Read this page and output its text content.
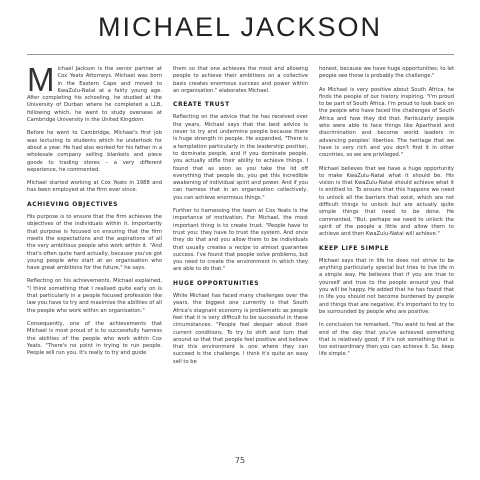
MICHAEL JACKSON

Michael Jackson is the senior partner at Cox Yeats Attorneys. Michael was born in the Eastern Cape and moved to KwaZulu-Natal at a fairly young age. After completing his schooling, he studied at the University of Durban where he completed a LLB, following which, he went to study overseas at Cambridge University in the United Kingdom.

Before he went to Cambridge, Michael's first job was lecturing to students which he undertook for about a year. He had also worked for his father in a wholesale company selling blankets and piece goods to trading stores – a very different experience, he commented.

Michael started working at Cox Yeats in 1988 and has been employed at the firm ever since.

ACHIEVING OBJECTIVES

His purpose is to ensure that the firm achieves the objectives of the individuals within it. Importantly that purpose is focused on ensuring that the firm meets the expectations and the aspirations of all the very ambitious people who work within it. "And that's often quite hard actually, because you've got young people who start at an organisation who have great ambitions for the future," he says.

Reflecting on his achievements, Michael explained, "I think something that I realised quite early on is that particularly in a people focused profession like law you have to try and maximise the abilities of all the people who work within an organisation."

Consequently, one of the achievements that Michael is most proud of is to successfully harness the abilities of the people who work within Cox Yeats. "There's no point in trying to run people. People will run you. It's really to try and guide

them so that one achieves the most and allowing people to achieve their ambitions on a collective basis creates enormous success and power within an organisation." elaborates Michael.

CREATE TRUST

Reflecting on the advice that he has received over the years, Michael says that the best advice is never to try and undermine people because there is huge strength in people. He expanded, "There is a temptation particularly in the leadership position, to dominate people, and if you dominate people, you actually stifle their ability to achieve things. I found that as soon as you take the lid off everything that people do, you get this incredible awakening of individual spirit and power. And if you can harness that in an organisation collectively, you can achieve enormous things."

Further to harnessing the team at Cox Yeats is the importance of motivation. For Michael, the most important thing is to create trust. "People have to trust you; they have to trust the system. And once they do that and you allow them to be individuals that usually creates a recipe to almost guarantee success. I've found that people solve problems, but you need to create the environment in which they are able to do that."

HUGE OPPORTUNITIES

While Michael has faced many challenges over the years, the biggest one currently is that South Africa's stagnant economy is problematic as people feel that it is very difficult to be successful in these circumstances. "People feel despair about their current conditions. To try to shift and turn that around so that that people feel positive and believe that this environment is one where they can succeed is the challenge. I think it's quite an easy sell to be

honest, because we have huge opportunities; to let people see those is probably the challenge."

As Michael is very positive about South Africa, he finds the people of our history inspiring. "I'm proud to be part of South Africa. I'm proud to look back on the people who have faced the challenges of South Africa and how they did that. Particularly people who were able to face things like Apartheid and discrimination and become world leaders in advancing peoples' liberties. The heritage that we have is very rich and you don't find it in other countries, so we are privileged."

Michael believes that we have a huge opportunity to make KwaZulu-Natal what it should be. His vision is that KwaZulu-Natal should achieve what it is entitled to. To ensure that this happens we need to unlock all the barriers that exist, which are not difficult things to unlock but are actually quite simple things that need to be done. He commented, "But, perhaps we need to unlock the spirit of the people a little and allow them to achieve and then KwaZulu-Natal will achieve."

KEEP LIFE SIMPLE

Michael says that in life he does not strive to be anything particularly special but tries to live life in a simple way. He believes that if you are true to yourself and true to the people around you that you will be happy. He added that he has found that in life you should not become burdened by people and things that are negative; it's important to try to be surrounded by people who are positive.

In conclusion he remarked, "You want to feel at the end of the day that you've achieved something that is relatively good; if it's not something that is too extraordinary then you can achieve it. So, keep life simple."

75
